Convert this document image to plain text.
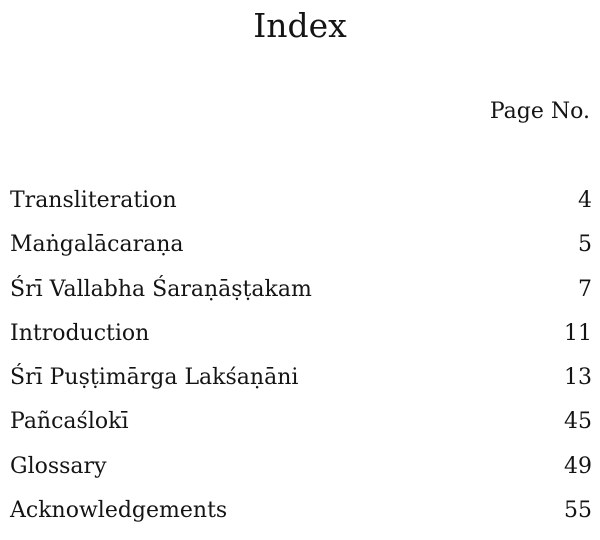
Index
Page No.
Transliteration	4
Maṅgalācaraṇa	5
Śrī Vallabha Śaraṇāṣṭakam	7
Introduction	11
Śrī Puṣṭimārga Lakśaṇāni	13
Pañcaślokī	45
Glossary	49
Acknowledgements	55
